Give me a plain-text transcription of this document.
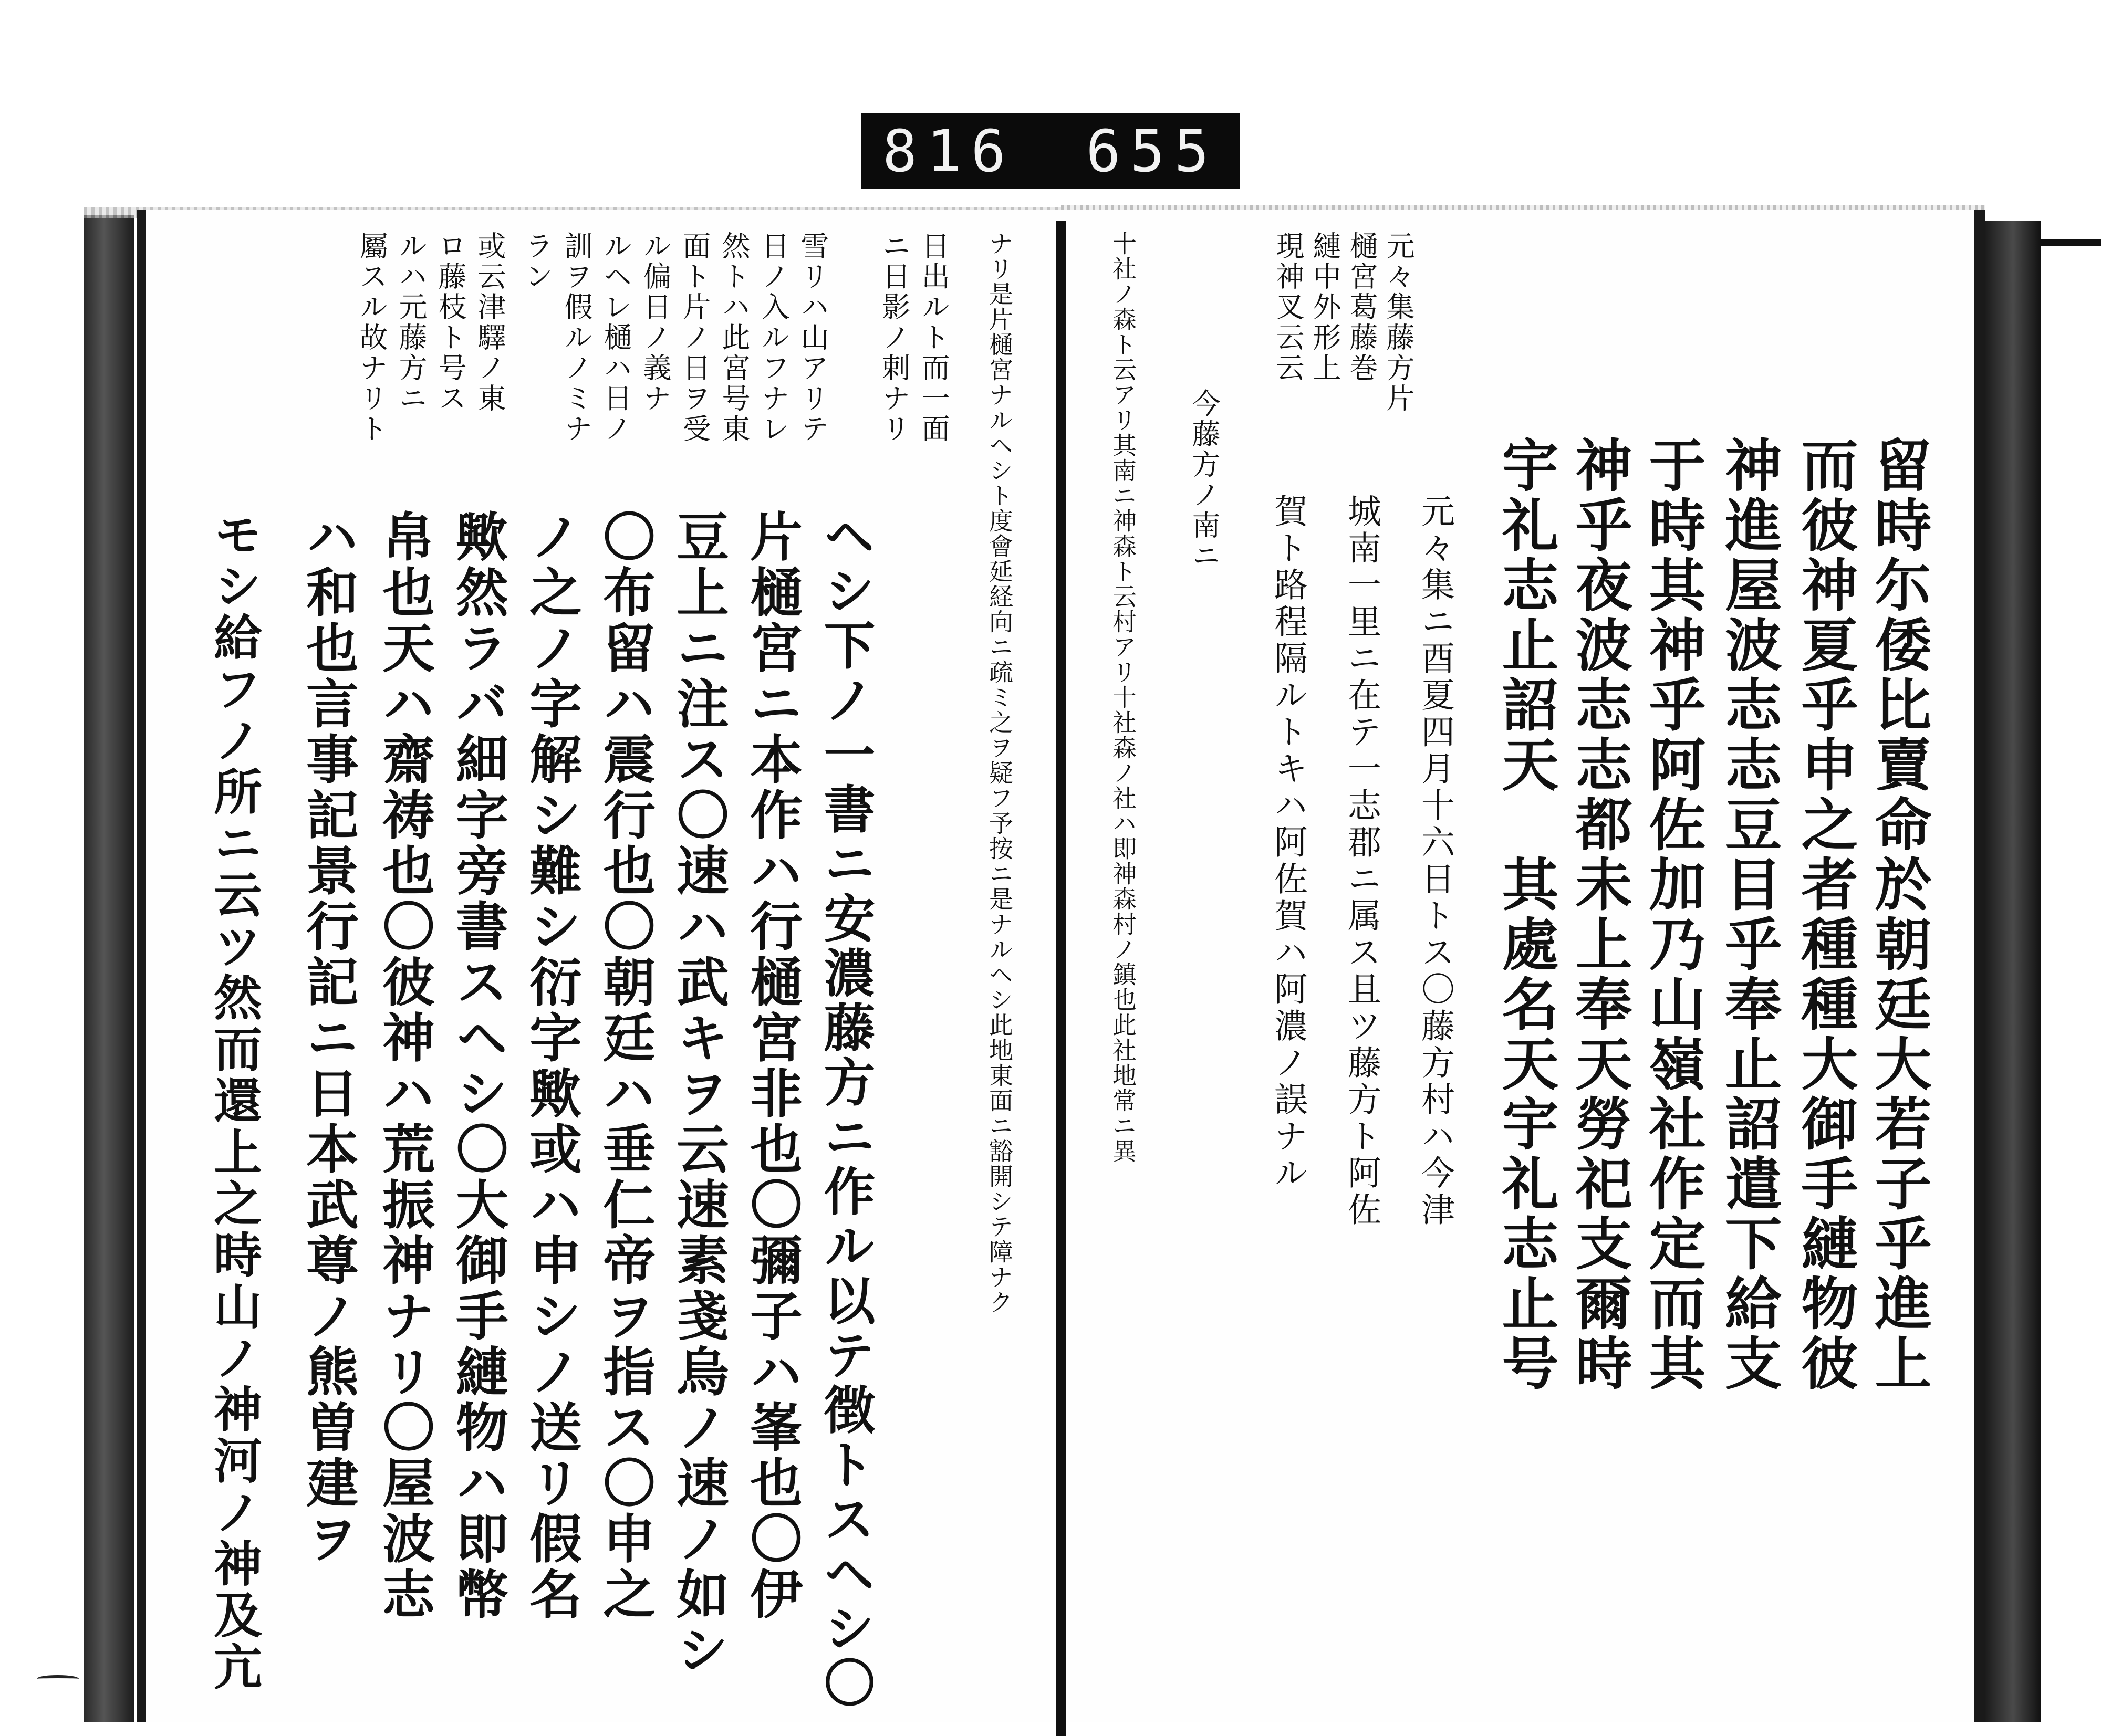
816 655
元々集藤方片
樋宮葛藤巻
縺中外形上
現神叉云云
留時尓倭比賣命於朝廷大若子乎進上
而彼神夏乎申之者種種大御手縺物彼
神進屋波志志豆目乎奉止詔遣下給支
于時其神乎阿佐加乃山嶺社作定而其
神乎夜波志志都未上奉天勞祀支爾時
宇礼志止詔天　其處名天宇礼志止号
元々集ニ酉夏四月十六日トス〇藤方村ハ今津
城南一里ニ在テ一志郡ニ属ス且ツ藤方ト阿佐
賀ト路程隔ルトキハ阿佐賀ハ阿濃ノ誤ナル
今藤方ノ南ニ
十社ノ森ト云アリ其南ニ神森ト云村アリ十社森ノ社ハ即神森村ノ鎮也此社地常ニ異
ナリ是片樋宮ナルヘシト度會延経向ニ疏ミ之ヲ疑フ予按ニ是ナルヘシ此地東面ニ豁開シテ障ナク
日出ルト而一面
ニ日影ノ剌ナリ
雪リハ山アリテ
日ノ入ルフナレ
然トハ此宮号東
面ト片ノ日ヲ受
ル偏日ノ義ナ
ルヘレ樋ハ日ノ
訓ヲ假ルノミナ
ラン
或云津驛ノ東
ロ藤枝ト号ス
ルハ元藤方ニ
屬スル故ナリト
ヘシ下ノ一書ニ安濃藤方ニ作ル以テ徴トスヘシ〇
片樋宮ニ本作ハ行樋宮非也〇彌子ハ峯也〇伊
豆上ニ注ス〇速ハ武キヲ云速素戔烏ノ速ノ如シ
〇布留ハ震行也〇朝廷ハ垂仁帝ヲ指ス〇申之
ノ之ノ字解シ難シ衍字歟或ハ申シノ送リ假名
歟然ラバ細字旁書スヘシ〇大御手縺物ハ即幣
帛也天ハ齋祷也〇彼神ハ荒振神ナリ〇屋波志
ハ和也言事記景行記ニ日本武尊ノ熊曽建ヲ
モシ給フノ所ニ云ツ然而還上之時山ノ神河ノ神及亢
